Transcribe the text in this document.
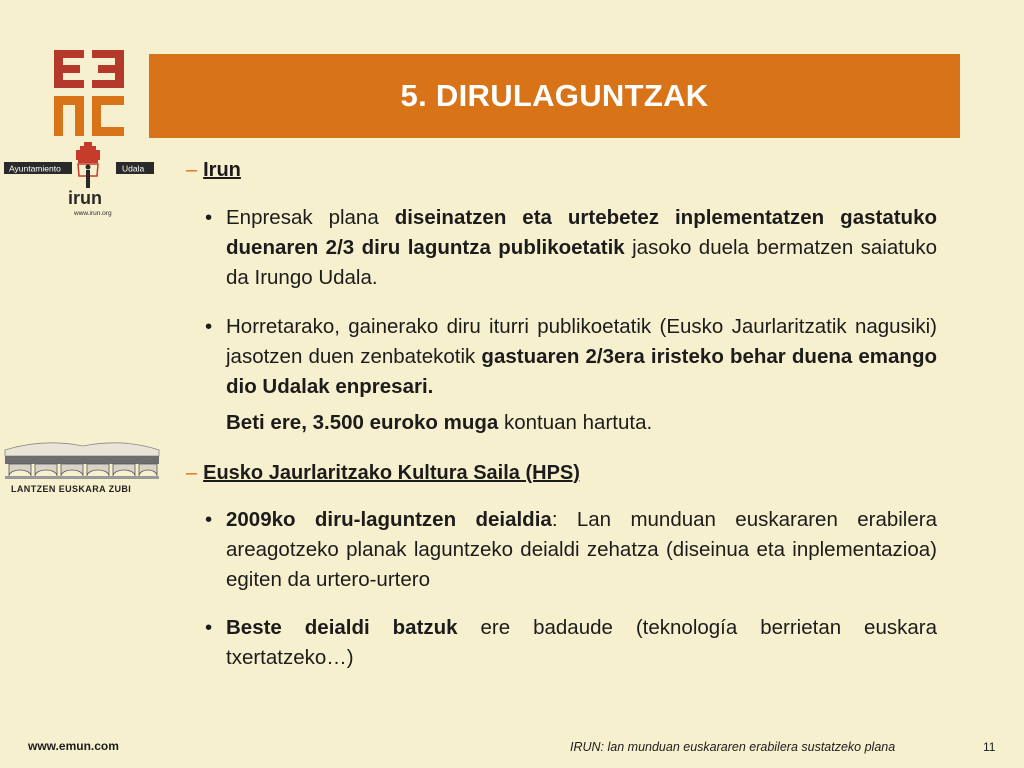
5. DIRULAGUNTZAK
Ayuntamiento	Udala
irun
www.irun.org
LANTZEN EUSKARA ZUBI
– Irun
• Enpresak plana diseinatzen eta urtebetez inplementatzen gastatuko duenaren 2/3 diru laguntza publikoetatik jasoko duela bermatzen saiatuko da Irungo Udala.
• Horretarako, gainerako diru iturri publikoetatik (Eusko Jaurlaritzatik nagusiki) jasotzen duen zenbatekotik gastuaren 2/3era iristeko behar duena emango dio Udalak enpresari.
Beti ere, 3.500 euroko muga kontuan hartuta.
– Eusko Jaurlaritzako Kultura Saila (HPS)
• 2009ko diru-laguntzen deialdia: Lan munduan euskararen erabilera areagotzeko planak laguntzeko deialdi zehatza (diseinua eta inplementazioa) egiten da urtero-urtero
• Beste deialdi batzuk ere badaude (teknología berrietan euskara txertatzeko…)
www.emun.com	IRUN: lan munduan euskararen erabilera sustatzeko plana	11
